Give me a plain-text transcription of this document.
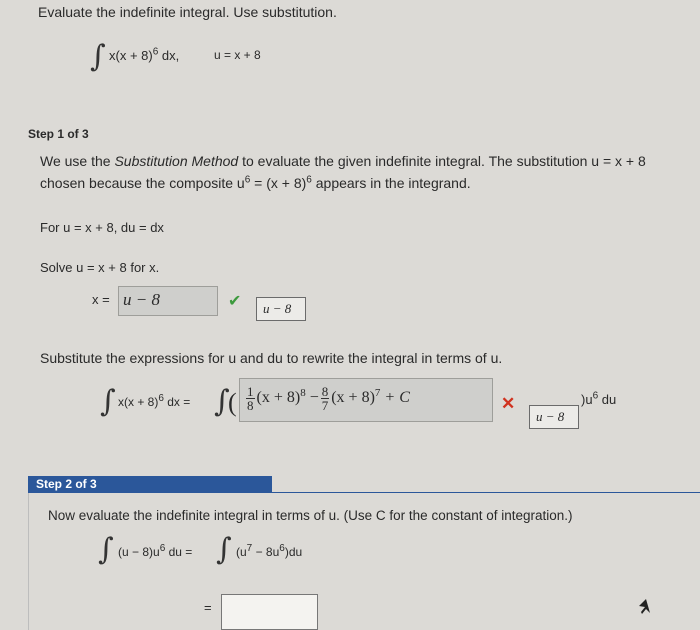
Evaluate the indefinite integral. Use substitution.
∫ $x(x + 8)^6$ dx,	u = x + 8
Step 1 of 3
We use the Substitution Method to evaluate the given indefinite integral. The substitution u = x + 8
chosen because the composite $u^6 = (x + 8)^6$ appears in the integrand.
For u = x + 8, du = dx
Solve u = x + 8 for x.
x = u − 8	✔ u − 8
Substitute the expressions for u and du to rewrite the integral in terms of u.
∫ $x(x + 8)^6$ dx = ∫
( $\frac{1}{8} (x + 8)^8 - \frac{8}{7} (x + 8)^7 + C$	✕
u − 8
)$u^6$ du
Step 2 of 3
Now evaluate the indefinite integral in terms of u. (Use C for the constant of integration.)
∫ $(u - 8)u^6$ du = ∫ $(u^7 - 8u^6)du$
=
